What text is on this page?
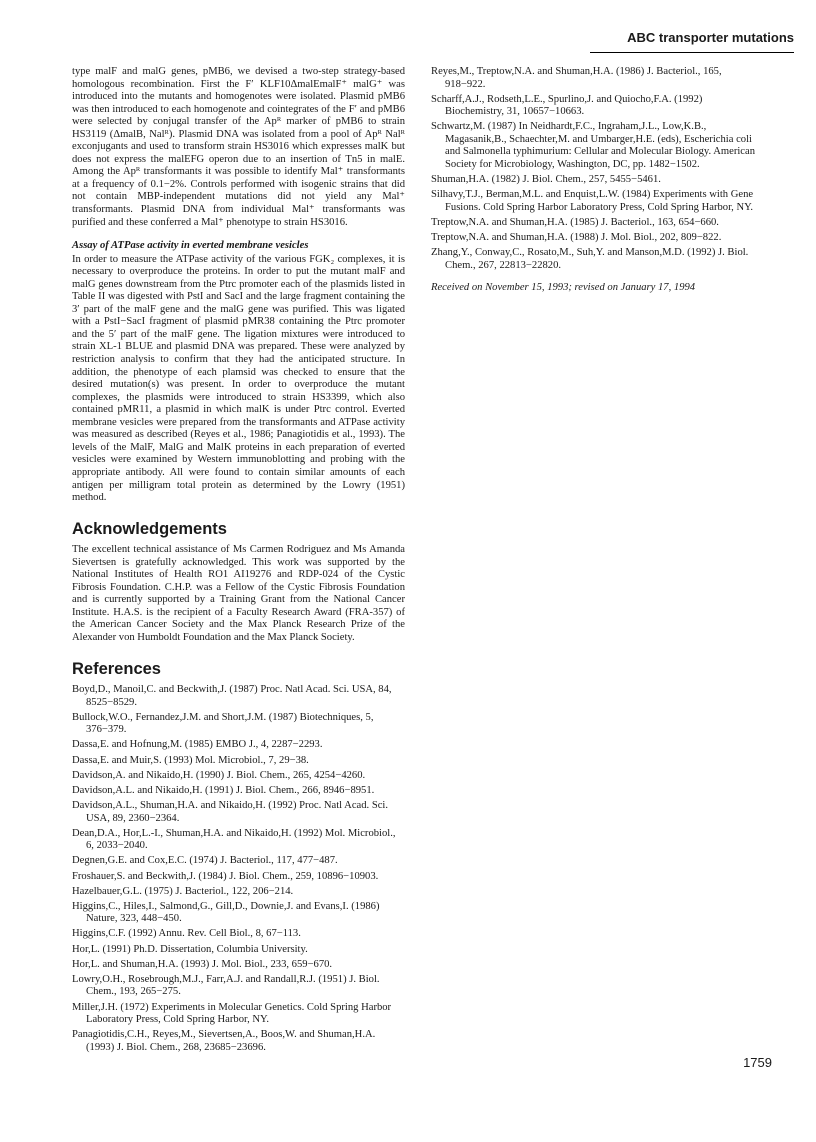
ABC transporter mutations

type malF and malG genes, pMB6, we devised a two-step strategy-based homologous recombination. First the F′ KLF10ΔmalEmalF⁺ malG⁺ was introduced into the mutants and homogenotes were isolated. Plasmid pMB6 was then introduced to each homogenote and cointegrates of the F′ and pMB6 were selected by conjugal transfer of the Apᴿ marker of pMB6 to strain HS3119 (ΔmalB, Nalᴿ). Plasmid DNA was isolated from a pool of Apᴿ Nalᴿ exconjugants and used to transform strain HS3016 which expresses malK but does not express the malEFG operon due to an insertion of Tn5 in malE. Among the Apᴿ transformants it was possible to identify Mal⁺ transformants at a frequency of 0.1−2%. Controls performed with isogenic strains that did not contain MBP-independent mutations did not yield any Mal⁺ transformants. Plasmid DNA from individual Mal⁺ transformants was purified and these conferred a Mal⁺ phenotype to strain HS3016.

Assay of ATPase activity in everted membrane vesicles

In order to measure the ATPase activity of the various FGK₂ complexes, it is necessary to overproduce the proteins. In order to put the mutant malF and malG genes downstream from the Ptrc promoter each of the plasmids listed in Table II was digested with PstI and SacI and the large fragment containing the 3′ part of the malF gene and the malG gene was purified. This was ligated with a PstI−SacI fragment of plasmid pMR38 containing the Ptrc promoter and the 5′ part of the malF gene. The ligation mixtures were introduced to strain XL-1 BLUE and plasmid DNA was prepared. These were analyzed by restriction analysis to confirm that they had the anticipated structure. In addition, the phenotype of each plamsid was checked to ensure that the desired mutation(s) was present. In order to overproduce the mutant complexes, the plasmids were introduced to strain HS3399, which also contained pMR11, a plasmid in which malK is under Ptrc control. Everted membrane vesicles were prepared from the transformants and ATPase activity was measured as described (Reyes et al., 1986; Panagiotidis et al., 1993). The levels of the MalF, MalG and MalK proteins in each preparation of everted vesicles were examined by Western immunoblotting and probing with the appropriate antibody. All were found to contain similar amounts of each antigen per milligram total protein as determined by the Lowry (1951) method.

Acknowledgements

The excellent technical assistance of Ms Carmen Rodriguez and Ms Amanda Sievertsen is gratefully acknowledged. This work was supported by the National Institutes of Health RO1 AI19276 and RDP-024 of the Cystic Fibrosis Foundation. C.H.P. was a Fellow of the Cystic Fibrosis Foundation and is currently supported by a Training Grant from the National Cancer Institute. H.A.S. is the recipient of a Faculty Research Award (FRA-357) of the American Cancer Society and the Max Planck Research Prize of the Alexander von Humboldt Foundation and the Max Planck Society.

References

Boyd,D., Manoil,C. and Beckwith,J. (1987) Proc. Natl Acad. Sci. USA, 84, 8525−8529.

Bullock,W.O., Fernandez,J.M. and Short,J.M. (1987) Biotechniques, 5, 376−379.

Dassa,E. and Hofnung,M. (1985) EMBO J., 4, 2287−2293.

Dassa,E. and Muir,S. (1993) Mol. Microbiol., 7, 29−38.

Davidson,A. and Nikaido,H. (1990) J. Biol. Chem., 265, 4254−4260.

Davidson,A.L. and Nikaido,H. (1991) J. Biol. Chem., 266, 8946−8951.

Davidson,A.L., Shuman,H.A. and Nikaido,H. (1992) Proc. Natl Acad. Sci. USA, 89, 2360−2364.

Dean,D.A., Hor,L.-I., Shuman,H.A. and Nikaido,H. (1992) Mol. Microbiol., 6, 2033−2040.

Degnen,G.E. and Cox,E.C. (1974) J. Bacteriol., 117, 477−487.

Froshauer,S. and Beckwith,J. (1984) J. Biol. Chem., 259, 10896−10903.

Hazelbauer,G.L. (1975) J. Bacteriol., 122, 206−214.

Higgins,C., Hiles,I., Salmond,G., Gill,D., Downie,J. and Evans,I. (1986) Nature, 323, 448−450.

Higgins,C.F. (1992) Annu. Rev. Cell Biol., 8, 67−113.

Hor,L. (1991) Ph.D. Dissertation, Columbia University.

Hor,L. and Shuman,H.A. (1993) J. Mol. Biol., 233, 659−670.

Lowry,O.H., Rosebrough,M.J., Farr,A.J. and Randall,R.J. (1951) J. Biol. Chem., 193, 265−275.

Miller,J.H. (1972) Experiments in Molecular Genetics. Cold Spring Harbor Laboratory Press, Cold Spring Harbor, NY.

Panagiotidis,C.H., Reyes,M., Sievertsen,A., Boos,W. and Shuman,H.A. (1993) J. Biol. Chem., 268, 23685−23696.

Reyes,M., Treptow,N.A. and Shuman,H.A. (1986) J. Bacteriol., 165, 918−922.

Scharff,A.J., Rodseth,L.E., Spurlino,J. and Quiocho,F.A. (1992) Biochemistry, 31, 10657−10663.

Schwartz,M. (1987) In Neidhardt,F.C., Ingraham,J.L., Low,K.B., Magasanik,B., Schaechter,M. and Umbarger,H.E. (eds), Escherichia coli and Salmonella typhimurium: Cellular and Molecular Biology. American Society for Microbiology, Washington, DC, pp. 1482−1502.

Shuman,H.A. (1982) J. Biol. Chem., 257, 5455−5461.

Silhavy,T.J., Berman,M.L. and Enquist,L.W. (1984) Experiments with Gene Fusions. Cold Spring Harbor Laboratory Press, Cold Spring Harbor, NY.

Treptow,N.A. and Shuman,H.A. (1985) J. Bacteriol., 163, 654−660.

Treptow,N.A. and Shuman,H.A. (1988) J. Mol. Biol., 202, 809−822.

Zhang,Y., Conway,C., Rosato,M., Suh,Y. and Manson,M.D. (1992) J. Biol. Chem., 267, 22813−22820.

Received on November 15, 1993; revised on January 17, 1994

1759
